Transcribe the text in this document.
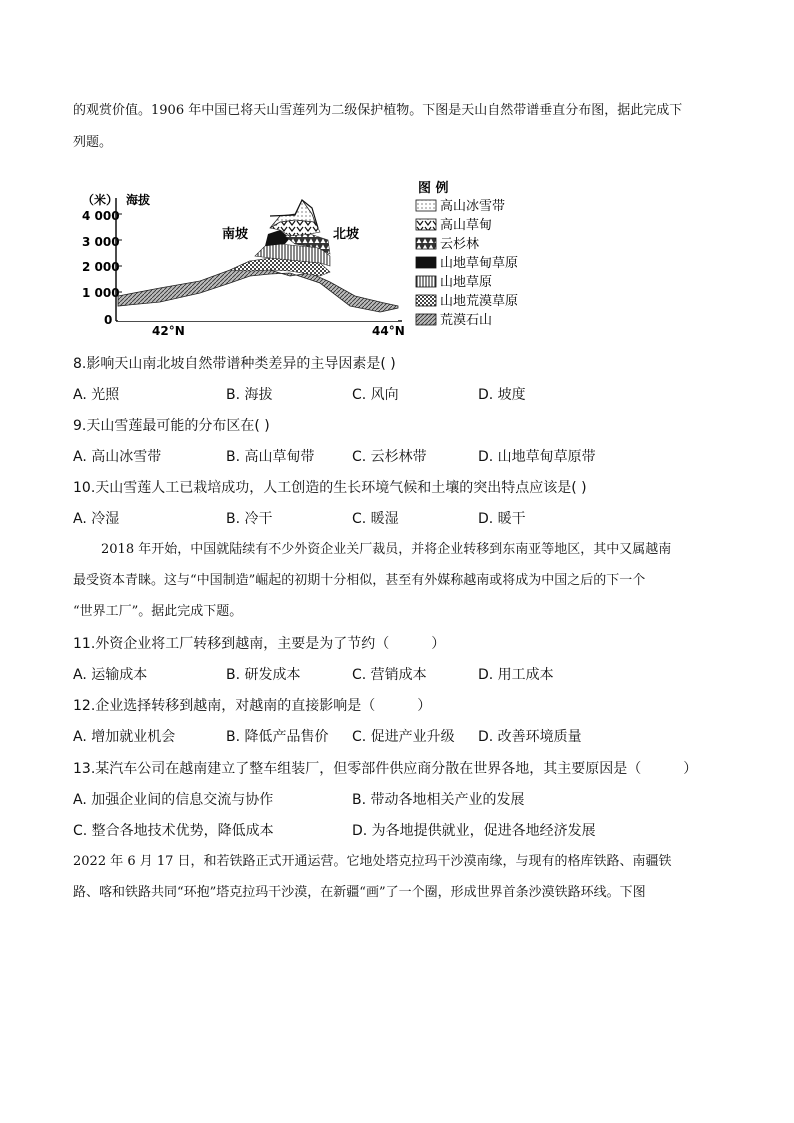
的观赏价值。1906 年中国已将天山雪莲列为二级保护植物。下图是天山自然带谱垂直分布图，据此完成下
列题。
（米） 海拔
4 000
3 000
2 000
1 000
0
南坡	北坡
42°N	44°N
图 例
高山冰雪带
高山草甸
云杉林
山地草甸草原
山地草原
山地荒漠草原
荒漠石山
8.影响天山南北坡自然带谱种类差异的主导因素是( )
A. 光照	B. 海拔	C. 风向	D. 坡度
9.天山雪莲最可能的分布区在( )
A. 高山冰雪带	B. 高山草甸带	C. 云杉林带	D. 山地草甸草原带
10.天山雪莲人工已栽培成功，人工创造的生长环境气候和土壤的突出特点应该是( )
A. 冷湿	B. 冷干	C. 暖湿	D. 暖干
2018 年开始，中国就陆续有不少外资企业关厂裁员，并将企业转移到东南亚等地区，其中又属越南
最受资本青睐。这与“中国制造”崛起的初期十分相似，甚至有外媒称越南或将成为中国之后的下一个
“世界工厂”。据此完成下题。
11.外资企业将工厂转移到越南，主要是为了节约（　　　）
A. 运输成本	B. 研发成本	C. 营销成本	D. 用工成本
12.企业选择转移到越南，对越南的直接影响是（　　　）
A. 增加就业机会	B. 降低产品售价 C. 促进产业升级 D. 改善环境质量
13.某汽车公司在越南建立了整车组装厂，但零部件供应商分散在世界各地，其主要原因是（　　　）
A. 加强企业间的信息交流与协作	B. 带动各地相关产业的发展
C. 整合各地技术优势，降低成本	D. 为各地提供就业，促进各地经济发展
2022 年 6 月 17 日，和若铁路正式开通运营。它地处塔克拉玛干沙漠南缘，与现有的格库铁路、南疆铁
路、喀和铁路共同“环抱”塔克拉玛干沙漠，在新疆“画”了一个圈，形成世界首条沙漠铁路环线。下图
